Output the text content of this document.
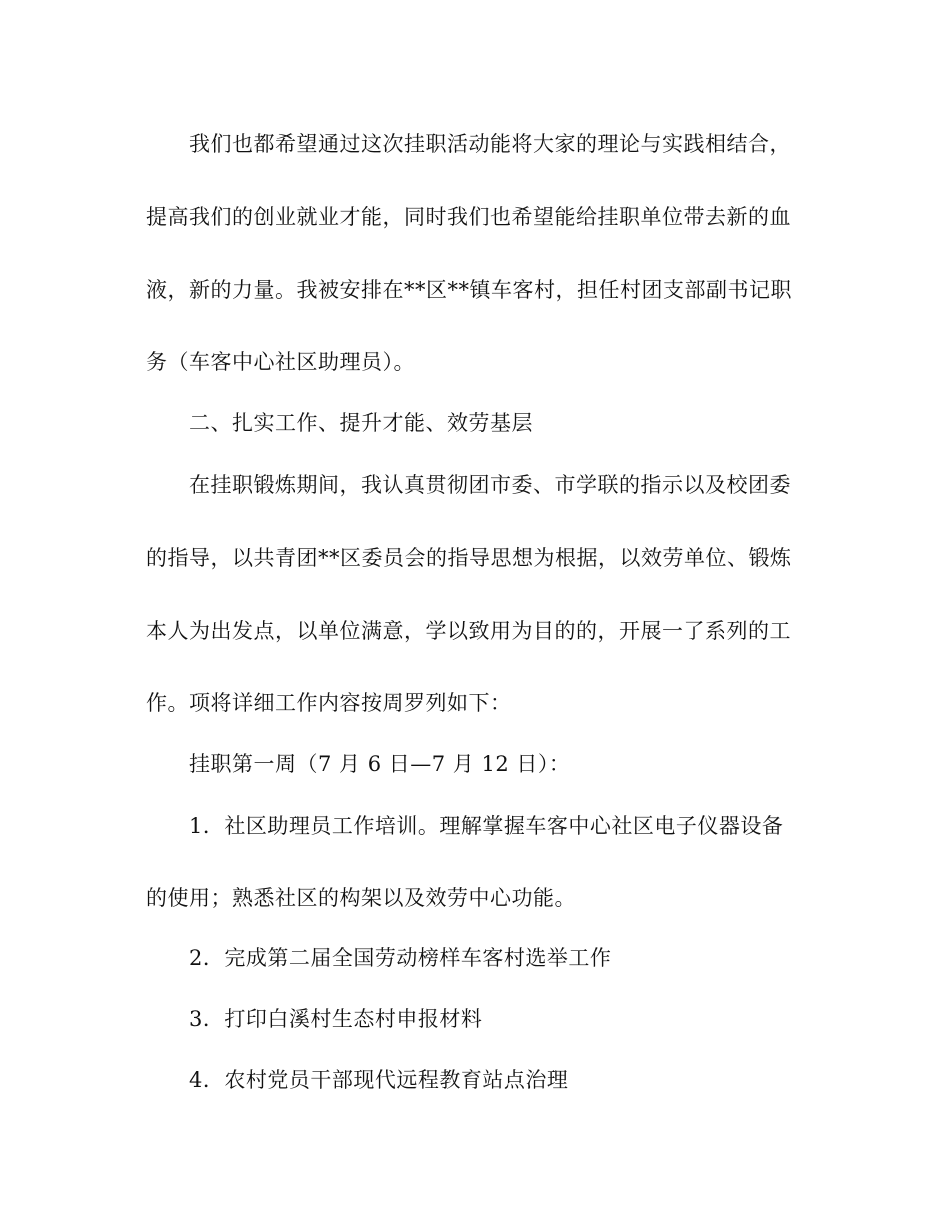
我们也都希望通过这次挂职活动能将大家的理论与实践相结合，
提高我们的创业就业才能，同时我们也希望能给挂职单位带去新的血
液，新的力量。我被安排在**区**镇车客村，担任村团支部副书记职
务（车客中心社区助理员）。
二、扎实工作、提升才能、效劳基层
在挂职锻炼期间，我认真贯彻团市委、市学联的指示以及校团委
的指导，以共青团**区委员会的指导思想为根据，以效劳单位、锻炼
本人为出发点，以单位满意，学以致用为目的的，开展一了系列的工
作。项将详细工作内容按周罗列如下：
挂职第一周（7 月 6 日—7 月 12 日）：
1．社区助理员工作培训。理解掌握车客中心社区电子仪器设备
的使用；熟悉社区的构架以及效劳中心功能。
2．完成第二届全国劳动榜样车客村选举工作
3．打印白溪村生态村申报材料
4．农村党员干部现代远程教育站点治理
